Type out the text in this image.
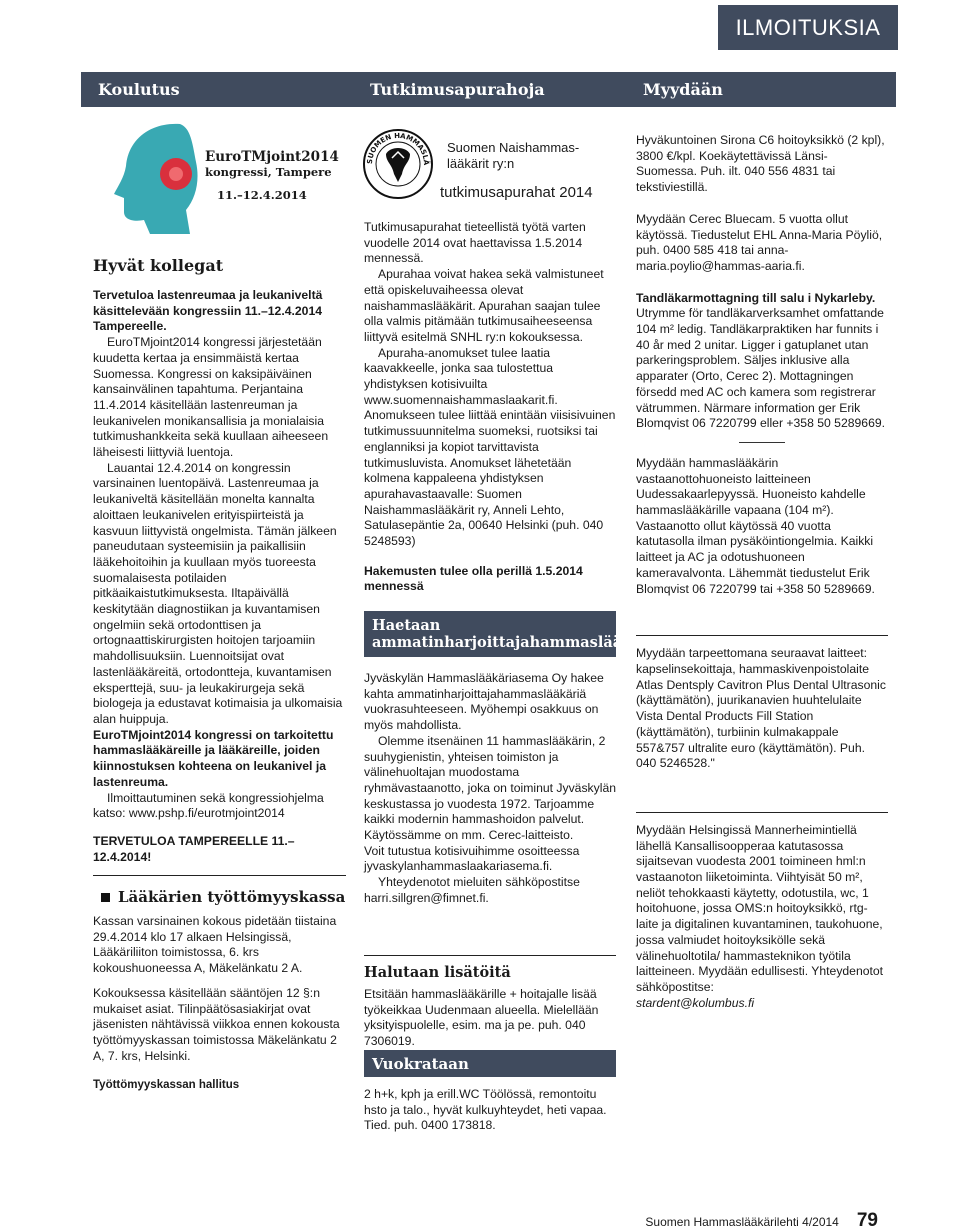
ILMOITUKSIA
Koulutus	Tutkimusapurahoja	Myydään
EuroTMjoint2014
kongressi, Tampere
11.–12.4.2014
Hyvät kollegat

Tervetuloa lastenreumaa ja leukaniveltä käsittelevään kongressiin 11.–12.4.2014 Tampereelle.

EuroTMjoint2014 kongressi järjestetään kuudetta kertaa ja ensimmäistä kertaa Suomessa. Kongressi on kaksipäiväinen kansainvälinen tapahtuma. Perjantaina 11.4.2014 käsitellään lastenreuman ja leukanivelen monikansallisia ja monialaisia tutkimushankkeita sekä kuullaan aiheeseen läheisesti liittyviä luentoja.

Lauantai 12.4.2014 on kongressin varsinainen luentopäivä. Lastenreumaa ja leukaniveltä käsitellään monelta kannalta aloittaen leukanivelen erityispiirteistä ja kasvuun liittyvistä ongelmista. Tämän jälkeen paneudutaan systeemisiin ja paikallisiin lääkehoitoihin ja kuullaan myös tuoreesta suomalaisesta potilaiden pitkäaikaistutkimuksesta. Iltapäivällä keskitytään diagnostiikan ja kuvantamisen ongelmiin sekä ortodonttisen ja ortognaattiskirurgisten hoitojen tarjoamiin mahdollisuuksiin. Luennoitsijat ovat lastenlääkäreitä, ortodontteja, kuvantamisen eksperttejä, suu- ja leukakirurgeja sekä biologeja ja edustavat kotimaisia ja ulkomaisia alan huippuja.

EuroTMjoint2014 kongressi on tarkoitettu hammaslääkäreille ja lääkäreille, joiden kiinnostuksen kohteena on leukanivel ja lastenreuma.

Ilmoittautuminen sekä kongressiohjelma katso: www.pshp.fi/eurotmjoint2014

TERVETULOA TAMPEREELLE 11.–12.4.2014!

Lääkärien työttömyyskassa

Kassan varsinainen kokous pidetään tiistaina 29.4.2014 klo 17 alkaen Helsingissä, Lääkäriliiton toimistossa, 6. krs kokoushuoneessa A, Mäkelänkatu 2 A.

Kokouksessa käsitellään sääntöjen 12 §:n mukaiset asiat. Tilinpäätösasiakirjat ovat jäsenisten nähtävissä viikkoa ennen kokousta työttömyyskassan toimistossa Mäkelänkatu 2 A, 7. krs, Helsinki.

Työttömyyskassan hallitus

SUOMEN HAMMASLÄ
Suomen Naishammas-
lääkärit ry:n
tutkimusapurahat 2014

Tutkimusapurahat tieteellistä työtä varten vuodelle 2014 ovat haettavissa 1.5.2014 mennessä.

Apurahaa voivat hakea sekä valmistuneet että opiskeluvaiheessa olevat naishammaslääkärit. Apurahan saajan tulee olla valmis pitämään tutkimusaiheeseensa liittyvä esitelmä SNHL ry:n kokouksessa.

Apuraha-anomukset tulee laatia kaavakkeelle, jonka saa tulostettua yhdistyksen kotisivuilta www.suomennaishammaslaakarit.fi.

Anomukseen tulee liittää enintään viisisivuinen tutkimussuunnitelma suomeksi, ruotsiksi tai englanniksi ja kopiot tarvittavista tutkimusluvista. Anomukset lähetetään kolmena kappaleena yhdistyksen apurahavastaavalle: Suomen Naishammaslääkärit ry, Anneli Lehto, Satulasepäntie 2a, 00640 Helsinki (puh. 040 5248593)

Hakemusten tulee olla perillä 1.5.2014 mennessä

Haetaan ammatinharjoittajahammaslääkäriä

Jyväskylän Hammaslääkäriasema Oy hakee kahta ammatinharjoittajahammaslääkäriä vuokrasuhteeseen. Myöhempi osakkuus on myös mahdollista.

Olemme itsenäinen 11 hammaslääkärin, 2 suuhygienistin, yhteisen toimiston ja välinehuoltajan muodostama ryhmävastaanotto, joka on toiminut Jyväskylän keskustassa jo vuodesta 1972. Tarjoamme kaikki modernin hammashoidon palvelut. Käytössämme on mm. Cerec-laitteisto.

Voit tutustua kotisivuihimme osoitteessa jyvaskylanhammaslaakariasema.fi.

Yhteydenotot mieluiten sähköpostitse harri.sillgren@fimnet.fi.

Halutaan lisätöitä

Etsitään hammaslääkärille + hoitajalle lisää työkeikkaa Uudenmaan alueella. Mielellään yksityispuolelle, esim. ma ja pe. puh. 040 7306019.

Vuokrataan

2 h+k, kph ja erill.WC Töölössä, remontoitu hsto ja talo., hyvät kulkuyhteydet, heti vapaa. Tied. puh. 0400 173818.

Hyväkuntoinen Sirona C6 hoitoyksikkö (2 kpl), 3800 €/kpl. Koekäytettävissä Länsi-Suomessa. Puh. ilt. 040 556 4831 tai tekstiviestillä.

Myydään Cerec Bluecam. 5 vuotta ollut käytössä. Tiedustelut EHL Anna-Maria Pöyliö, puh. 0400 585 418 tai anna-maria.poylio@hammas-aaria.fi.

Tandläkarmottagning till salu i Nykarleby.

Utrymme för tandläkarverksamhet omfattande 104 m² ledig. Tandläkarpraktiken har funnits i 40 år med 2 unitar. Ligger i gatuplanet utan parkeringsproblem. Säljes inklusive alla apparater (Orto, Cerec 2). Mottagningen försedd med AC och kamera som registrerar vätrummen. Närmare information ger Erik Blomqvist 06 7220799 eller +358 50 5289669.

Myydään hammaslääkärin vastaanottohuoneisto laitteineen Uudessakaarlepyyssä. Huoneisto kahdelle hammaslääkärille vapaana (104 m²). Vastaanotto ollut käytössä 40 vuotta katutasolla ilman pysäköintiongelmia. Kaikki laitteet ja AC ja odotushuoneen kameravalvonta. Lähemmät tiedustelut Erik Blomqvist 06 7220799 tai +358 50 5289669.

Myydään tarpeettomana seuraavat laitteet: kapselinsekoittaja, hammaskivenpoistolaite Atlas Dentsply Cavitron Plus Dental Ultrasonic (käyttämätön), juurikanavien huuhtelulaite Vista Dental Products Fill Station (käyttämätön), turbiinin kulmakappale 557&757 ultralite euro (käyttämätön). Puh. 040 5246528."

Myydään Helsingissä Mannerheimintiellä lähellä Kansallisoopperaa katutasossa sijaitsevan vuodesta 2001 toimineen hml:n vastaanoton liiketoiminta. Viihtyisät 50 m², neliöt tehokkaasti käytetty, odotustila, wc, 1 hoitohuone, jossa OMS:n hoitoyksikkö, rtg-laite ja digitalinen kuvantaminen, taukohuone, jossa valmiudet hoitoyksikölle sekä välinehuoltotila/ hammasteknikon työtila laitteineen. Myydään edullisesti. Yhteydenotot sähköpostitse:

stardent@kolumbus.fi

Suomen Hammaslääkärilehti 4/2014 79
